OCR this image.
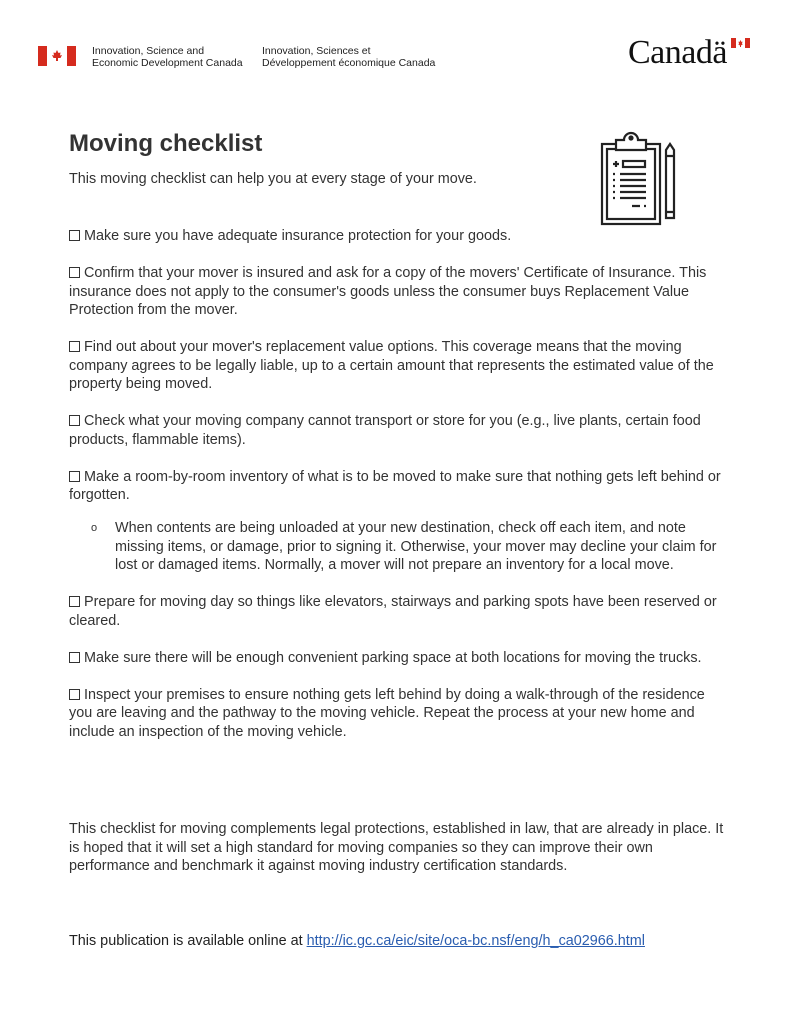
Innovation, Science and
Economic Development Canada
Innovation, Sciences et
Développement économique Canada	Canadä
Moving checklist
This moving checklist can help you at every stage of your move.
Make sure you have adequate insurance protection for your goods.
Confirm that your mover is insured and ask for a copy of the movers' Certificate of Insurance. This insurance does not apply to the consumer's goods unless the consumer buys Replacement Value Protection from the mover.
Find out about your mover's replacement value options. This coverage means that the moving company agrees to be legally liable, up to a certain amount that represents the estimated value of the property being moved.
Check what your moving company cannot transport or store for you (e.g., live plants, certain food products, flammable items).
Make a room-by-room inventory of what is to be moved to make sure that nothing gets left behind or forgotten.
o When contents are being unloaded at your new destination, check off each item, and note missing items, or damage, prior to signing it. Otherwise, your mover may decline your claim for lost or damaged items. Normally, a mover will not prepare an inventory for a local move.
Prepare for moving day so things like elevators, stairways and parking spots have been reserved or cleared.
Make sure there will be enough convenient parking space at both locations for moving the trucks.
Inspect your premises to ensure nothing gets left behind by doing a walk-through of the residence you are leaving and the pathway to the moving vehicle. Repeat the process at your new home and include an inspection of the moving vehicle.
This checklist for moving complements legal protections, established in law, that are already in place. It is hoped that it will set a high standard for moving companies so they can improve their own performance and benchmark it against moving industry certification standards.
This publication is available online at http://ic.gc.ca/eic/site/oca-bc.nsf/eng/h_ca02966.html
